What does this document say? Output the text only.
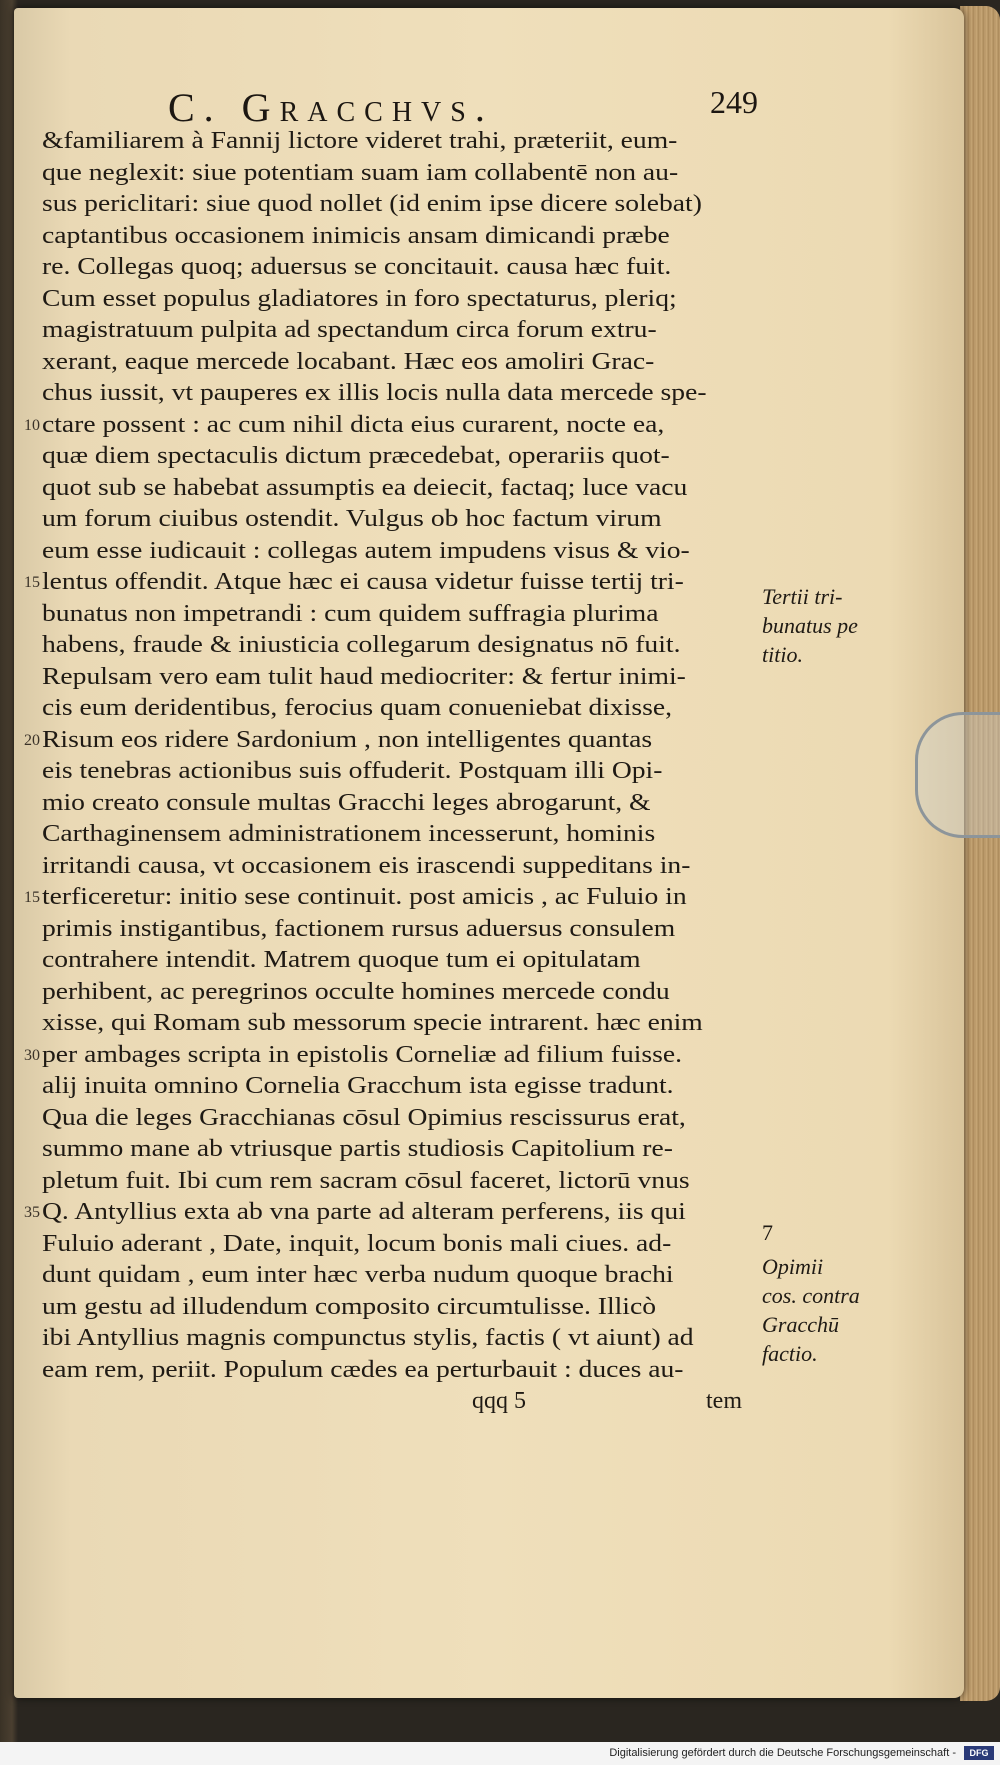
C. Gracchvs.	249
&familiarem à Fannij lictore videret trahi, præteriit, eum-
que neglexit: siue potentiam suam iam collabentē non au-
sus periclitari: siue quod nollet (id enim ipse dicere solebat)
captantibus occasionem inimicis ansam dimicandi præbe
re. Collegas quoq; aduersus se concitauit. causa hæc fuit.
Cum esset populus gladiatores in foro spectaturus, pleriq;
magistratuum pulpita ad spectandum circa forum extru-
xerant, eaque mercede locabant. Hæc eos amoliri Grac-
chus iussit, vt pauperes ex illis locis nulla data mercede spe-
10 ctare possent : ac cum nihil dicta eius curarent, nocte ea,
quæ diem spectaculis dictum præcedebat, operariis quot-
quot sub se habebat assumptis ea deiecit, factaq; luce vacu
um forum ciuibus ostendit. Vulgus ob hoc factum virum
eum esse iudicauit : collegas autem impudens visus & vio-
15 lentus offendit. Atque hæc ei causa videtur fuisse tertij tri-
bunatus non impetrandi : cum quidem suffragia plurima
habens, fraude & iniusticia collegarum designatus nō fuit.
Repulsam vero eam tulit haud mediocriter: & fertur inimi-
cis eum deridentibus, ferocius quam conueniebat dixisse,
20 Risum eos ridere Sardonium , non intelligentes quantas
eis tenebras actionibus suis offuderit. Postquam illi Opi-
mio creato consule multas Gracchi leges abrogarunt, &
Carthaginensem administrationem incesserunt, hominis
irritandi causa, vt occasionem eis irascendi suppeditans in-
15 terficeretur: initio sese continuit. post amicis , ac Fuluio in
primis instigantibus, factionem rursus aduersus consulem
contrahere intendit. Matrem quoque tum ei opitulatam
perhibent, ac peregrinos occulte homines mercede condu
xisse, qui Romam sub messorum specie intrarent. hæc enim
30 per ambages scripta in epistolis Corneliæ ad filium fuisse.
alij inuita omnino Cornelia Gracchum ista egisse tradunt.
Qua die leges Gracchianas cōsul Opimius rescissurus erat,
summo mane ab vtriusque partis studiosis Capitolium re-
pletum fuit. Ibi cum rem sacram cōsul faceret, lictorū vnus
35 Q. Antyllius exta ab vna parte ad alteram perferens, iis qui
Fuluio aderant , Date, inquit, locum bonis mali ciues. ad-
dunt quidam , eum inter hæc verba nudum quoque brachi
um gestu ad illudendum composito circumtulisse. Illicò
ibi Antyllius magnis compunctus stylis, factis ( vt aiunt) ad
eam rem, periit. Populum cædes ea perturbauit : duces au-
qqq 5	tem
Tertii tri-
bunatus pe
titio.
7
Opimii
cos. contra
Gracchū
factio.
Digitalisierung gefördert durch die Deutsche Forschungsgemeinschaft -	DFG
